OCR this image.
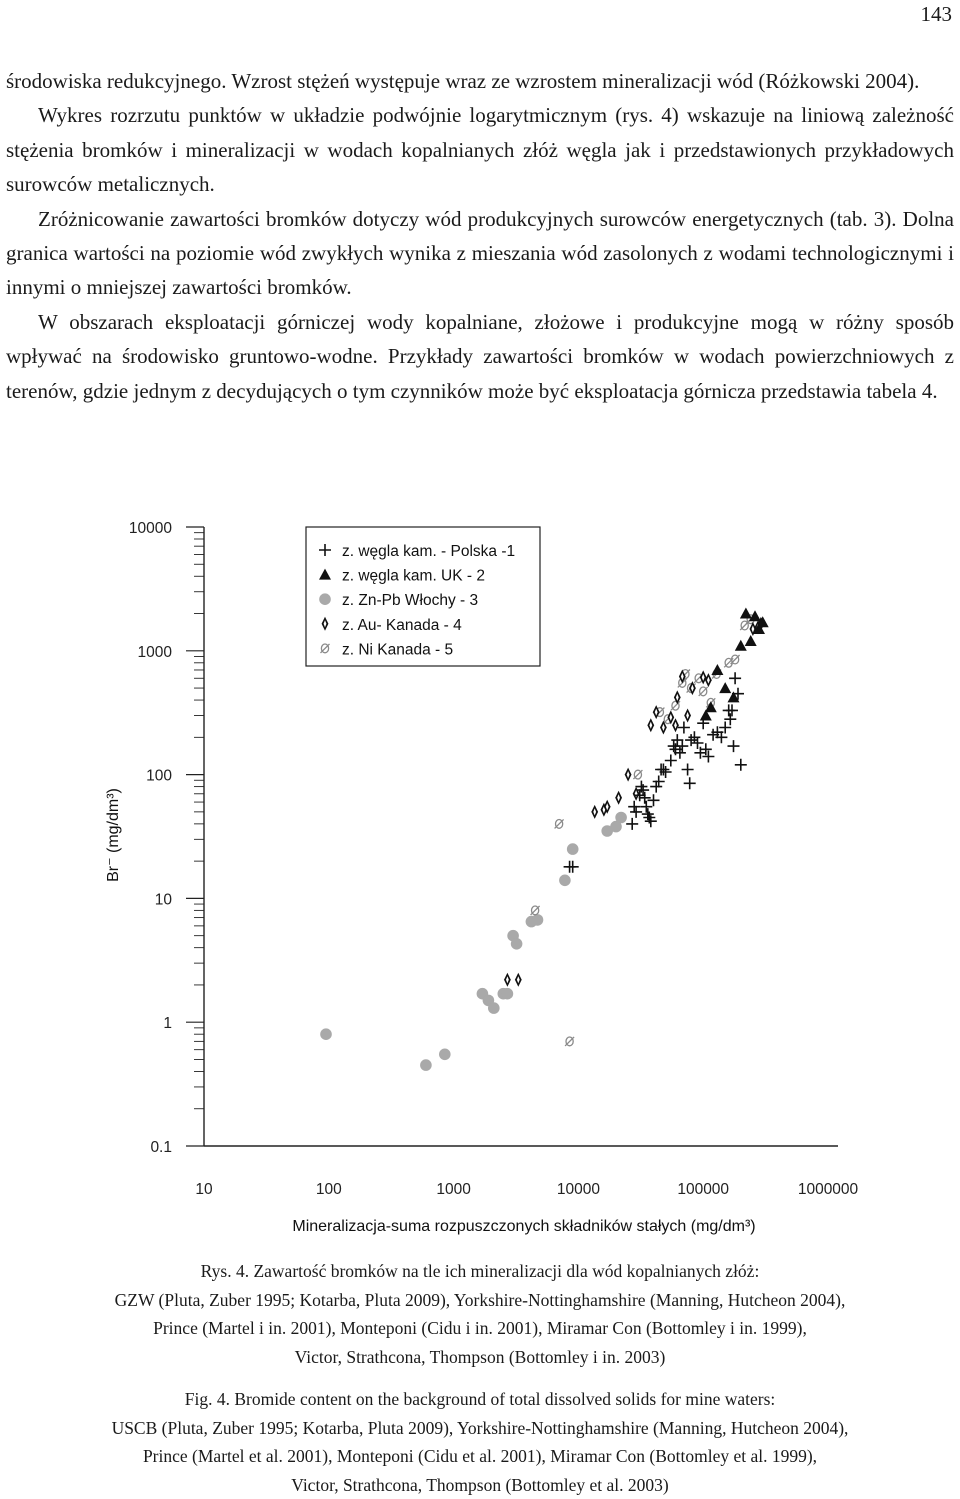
143

środowiska redukcyjnego. Wzrost stężeń występuje wraz ze wzrostem mineralizacji wód (Różkowski 2004).

Wykres rozrzutu punktów w układzie podwójnie logarytmicznym (rys. 4) wskazuje na liniową zależność stężenia bromków i mineralizacji w wodach kopalnianych złóż węgla jak i przedstawionych przykładowych surowców metalicznych.

Zróżnicowanie zawartości bromków dotyczy wód produkcyjnych surowców energetycznych (tab. 3). Dolna granica wartości na poziomie wód zwykłych wynika z mieszania wód zasolonych z wodami technologicznymi i innymi o mniejszej zawartości bromków.

W obszarach eksploatacji górniczej wody kopalniane, złożowe i produkcyjne mogą w różny sposób wpływać na środowisko gruntowo-wodne. Przykłady zawartości bromków w wodach powierzchniowych z terenów, gdzie jednym z decydujących o tym czynników może być eksploatacja górnicza przedstawia tabela 4.

0.1
1
10
100
1000
10000
10	100	1000	10000	100000	1000000
z. węgla kam. - Polska -1
z. węgla kam. UK - 2
z. Zn-Pb Włochy - 3
z. Au- Kanada - 4
z. Ni Kanada - 5
Mineralizacja-suma rozpuszczonych składników stałych (mg/dm³)
Br⁻ (mg/dm³)

Rys. 4. Zawartość bromków na tle ich mineralizacji dla wód kopalnianych złóż:

GZW (Pluta, Zuber 1995; Kotarba, Pluta 2009), Yorkshire-Nottinghamshire (Manning, Hutcheon 2004),

Prince (Martel i in. 2001), Monteponi (Cidu i in. 2001), Miramar Con (Bottomley i in. 1999),

Victor, Strathcona, Thompson (Bottomley i in. 2003)

Fig. 4. Bromide content on the background of total dissolved solids for mine waters:

USCB (Pluta, Zuber 1995; Kotarba, Pluta 2009), Yorkshire-Nottinghamshire (Manning, Hutcheon 2004),

Prince (Martel et al. 2001), Monteponi (Cidu et al. 2001), Miramar Con (Bottomley et al. 1999),

Victor, Strathcona, Thompson (Bottomley et al. 2003)
